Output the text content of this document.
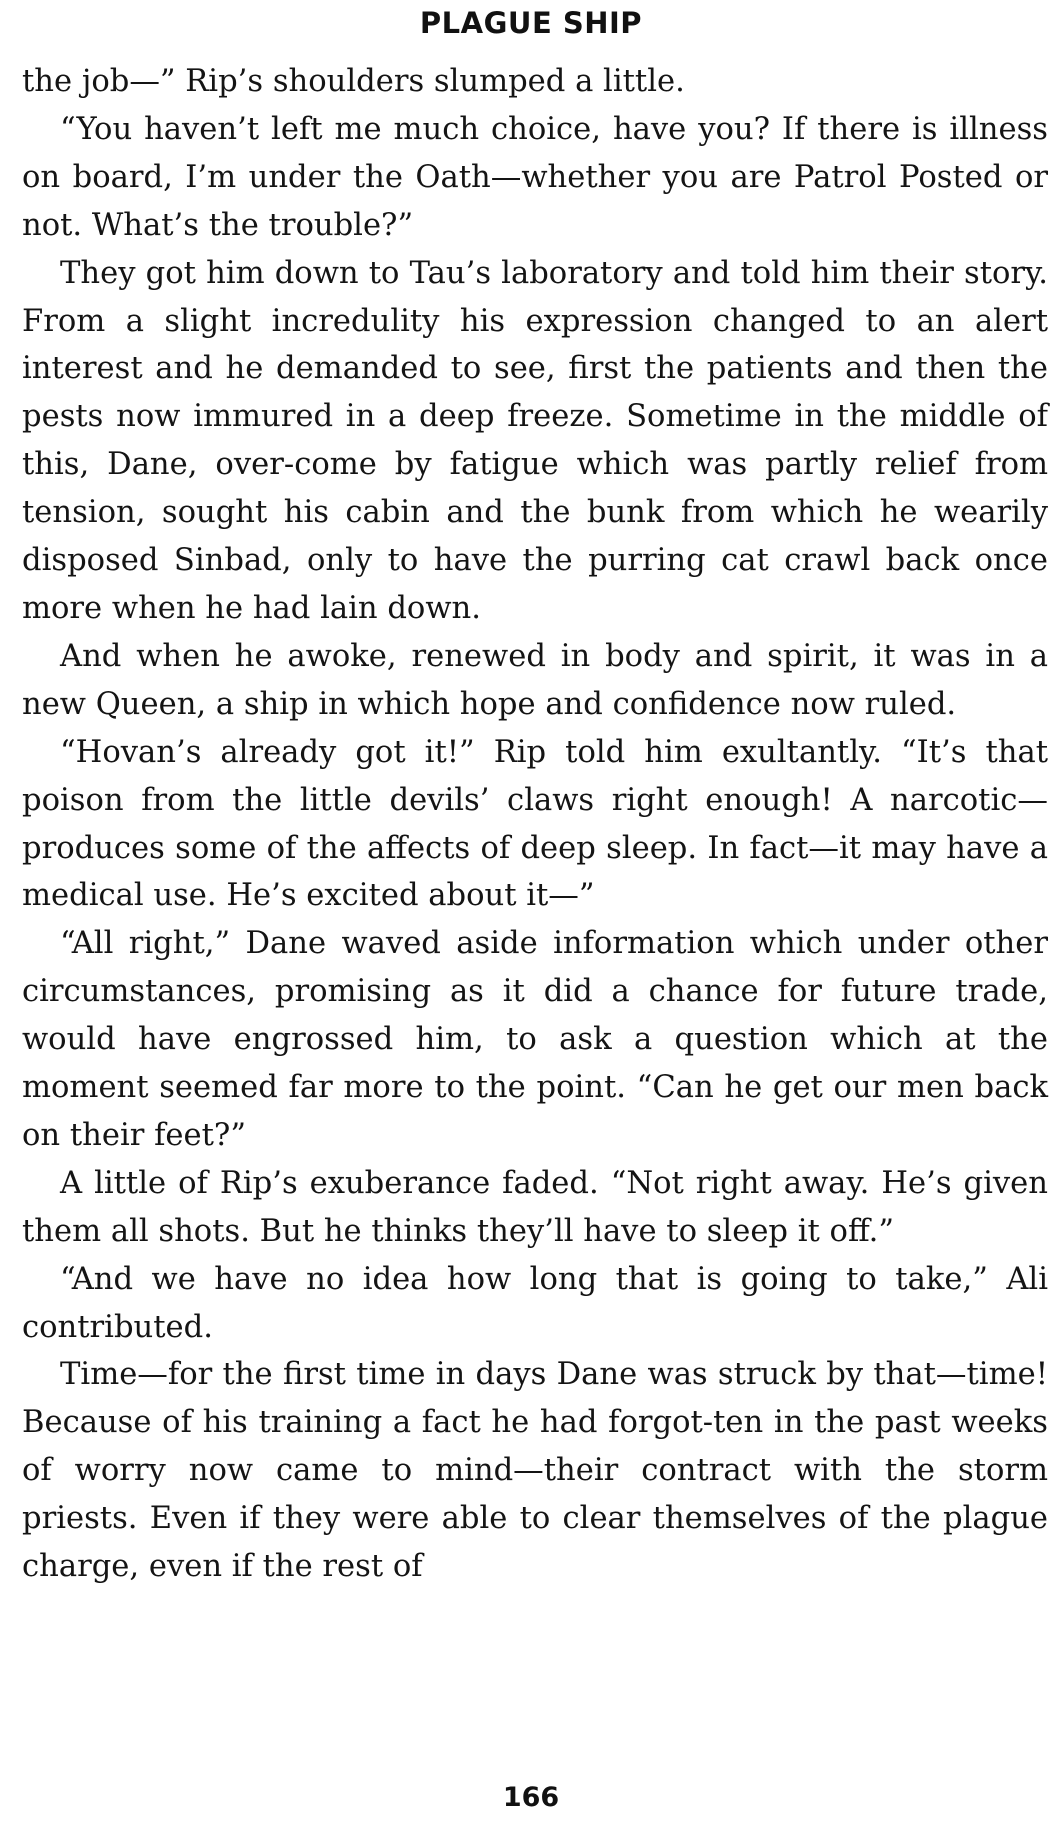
PLAGUE SHIP

the job—” Rip’s shoulders slumped a little.

“You haven’t left me much choice, have you? If there is illness on board, I’m under the Oath—whether you are Patrol Posted or not. What’s the trouble?”

They got him down to Tau’s laboratory and told him their story. From a slight incredulity his expression changed to an alert interest and he demanded to see, first the patients and then the pests now immured in a deep freeze. Sometime in the middle of this, Dane, over-come by fatigue which was partly relief from tension, sought his cabin and the bunk from which he wearily disposed Sinbad, only to have the purring cat crawl back once more when he had lain down.

And when he awoke, renewed in body and spirit, it was in a new Queen, a ship in which hope and confidence now ruled.

“Hovan’s already got it!” Rip told him exultantly. “It’s that poison from the little devils’ claws right enough! A narcotic—produces some of the affects of deep sleep. In fact—it may have a medical use. He’s excited about it—”

“All right,” Dane waved aside information which under other circumstances, promising as it did a chance for future trade, would have engrossed him, to ask a question which at the moment seemed far more to the point. “Can he get our men back on their feet?”

A little of Rip’s exuberance faded. “Not right away. He’s given them all shots. But he thinks they’ll have to sleep it off.”

“And we have no idea how long that is going to take,” Ali contributed.

Time—for the first time in days Dane was struck by that—time! Because of his training a fact he had forgot-ten in the past weeks of worry now came to mind—their contract with the storm priests. Even if they were able to clear themselves of the plague charge, even if the rest of

166
